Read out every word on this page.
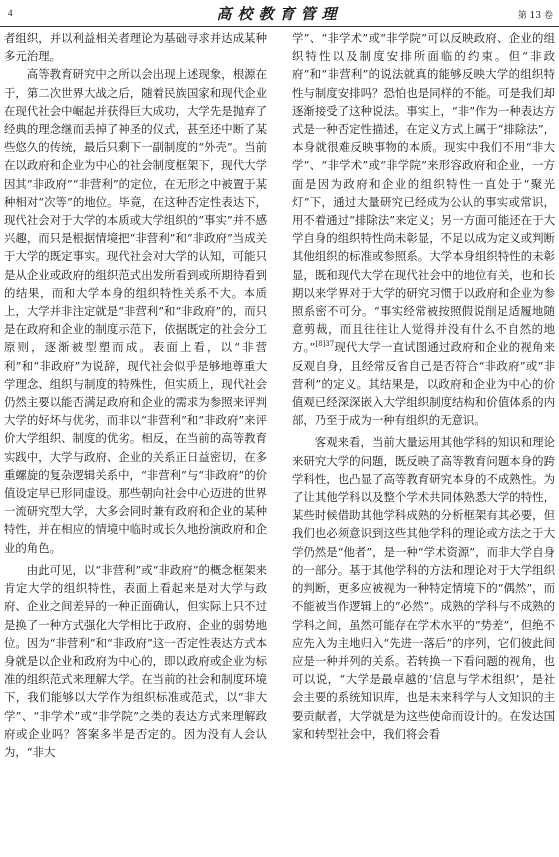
4	高校教育管理	第 13 卷

者组织，并以利益相关者理论为基础寻求并达成某种多元治理。

高等教育研究中之所以会出现上述现象，根源在于，第二次世界大战之后，随着民族国家和现代企业在现代社会中崛起并获得巨大成功，大学先是抛弃了经典的理念继而丢掉了神圣的仪式，甚至还中断了某些悠久的传统，最后只剩下一副制度的“外壳”。当前在以政府和企业为中心的社会制度框架下，现代大学因其“非政府”“非营利”的定位，在无形之中被置于某种相对“次等”的地位。毕竟，在这种否定性表达下，现代社会对于大学的本质或大学组织的“事实”并不感兴趣，而只是根据情境把“非营利”和“非政府”当成关于大学的既定事实。现代社会对大学的认知，可能只是从企业或政府的组织范式出发所看到或所期待看到的结果，而和大学本身的组织特性关系不大。本质上，大学并非注定就是“非营利”和“非政府”的，而只是在政府和企业的制度示范下，依据既定的社会分工原则，逐渐被型塑而成。表面上看，以“非营利”和“非政府”为说辞，现代社会似乎是够地尊重大学理念、组织与制度的特殊性，但实质上，现代社会仍然主要以能否满足政府和企业的需求为参照来评判大学的好坏与优劣，而非以“非营利”和“非政府”来评价大学组织、制度的优劣。相反，在当前的高等教育实践中，大学与政府、企业的关系正日益密切，在多重螺旋的复杂逻辑关系中，“非营利”与“非政府”的价值设定早已形同虚设。那些朝向社会中心迈进的世界一流研究型大学，大多会同时兼有政府和企业的某种特性，并在相应的情境中临时或长久地扮演政府和企业的角色。

由此可见，以“非营利”或“非政府”的概念框架来肯定大学的组织特性，表面上看起来是对大学与政府、企业之间差异的一种正面确认，但实际上只不过是换了一种方式强化大学相比于政府、企业的弱势地位。因为“非营利”和“非政府”这一否定性表达方式本身就是以企业和政府为中心的，即以政府或企业为标准的组织范式来理解大学。在当前的社会和制度环境下，我们能够以大学作为组织标准或范式，以“非大学”、“非学术”或“非学院”之类的表达方式来理解政府或企业吗？答案多半是否定的。因为没有人会认为，“非大

学”、“非学术”或“非学院”可以反映政府、企业的组织特性以及制度安排所面临的约束。但“非政府”和“非营利”的说法就真的能够反映大学的组织特性与制度安排吗？恐怕也是同样的不能。可是我们却逐渐接受了这种说法。事实上，“非”作为一种表达方式是一种否定性描述，在定义方式上属于“排除法”，本身就很难反映事物的本质。现实中我们不用“非大学”、“非学术”或“非学院”来形容政府和企业，一方面是因为政府和企业的组织特性一直处于“聚光灯”下，通过大量研究已经成为公认的事实或常识，用不着通过“排除法”来定义；另一方面可能还在于大学自身的组织特性尚未彰显，不足以成为定义或判断其他组织的标准或参照系。大学本身组织特性的未彰显，既和现代大学在现代社会中的地位有关，也和长期以来学界对于大学的研究习惯于以政府和企业为参照系密不可分。“事实经常被按照假说削足适履地随意剪裁，而且往往让人觉得并没有什么不自然的地方。”$^{[8]37}$现代大学一直试图通过政府和企业的视角来反观自身，且经常反省自己是否符合“非政府”或“非营利”的定义。其结果是，以政府和企业为中心的价值观已经深深嵌入大学组织制度结构和价值体系的内部，乃至于成为一种有组织的无意识。

客观来看，当前大量运用其他学科的知识和理论来研究大学的问题，既反映了高等教育问题本身的跨学科性，也凸显了高等教育研究本身的不成熟性。为了让其他学科以及整个学术共同体熟悉大学的特性，某些时候借助其他学科成熟的分析框架有其必要，但我们也必须意识到这些其他学科的理论或方法之于大学仍然是“他者”，是一种“学术资源”，而非大学自身的一部分。基于其他学科的方法和理论对于大学组织的判断，更多应被视为一种特定情境下的“偶然”，而不能被当作逻辑上的“必然”。成熟的学科与不成熟的学科之间，虽然可能存在学术水平的“势差”，但绝不应先入为主地归入“先进一落后”的序列，它们彼此间应是一种并列的关系。若转换一下看问题的视角，也可以说，“大学是最卓越的‘信息与学术组织’，是社会主要的系统知识库，也是未来科学与人文知识的主要贡献者，大学就是为这些使命而设计的。在发达国家和转型社会中，我们将会看
